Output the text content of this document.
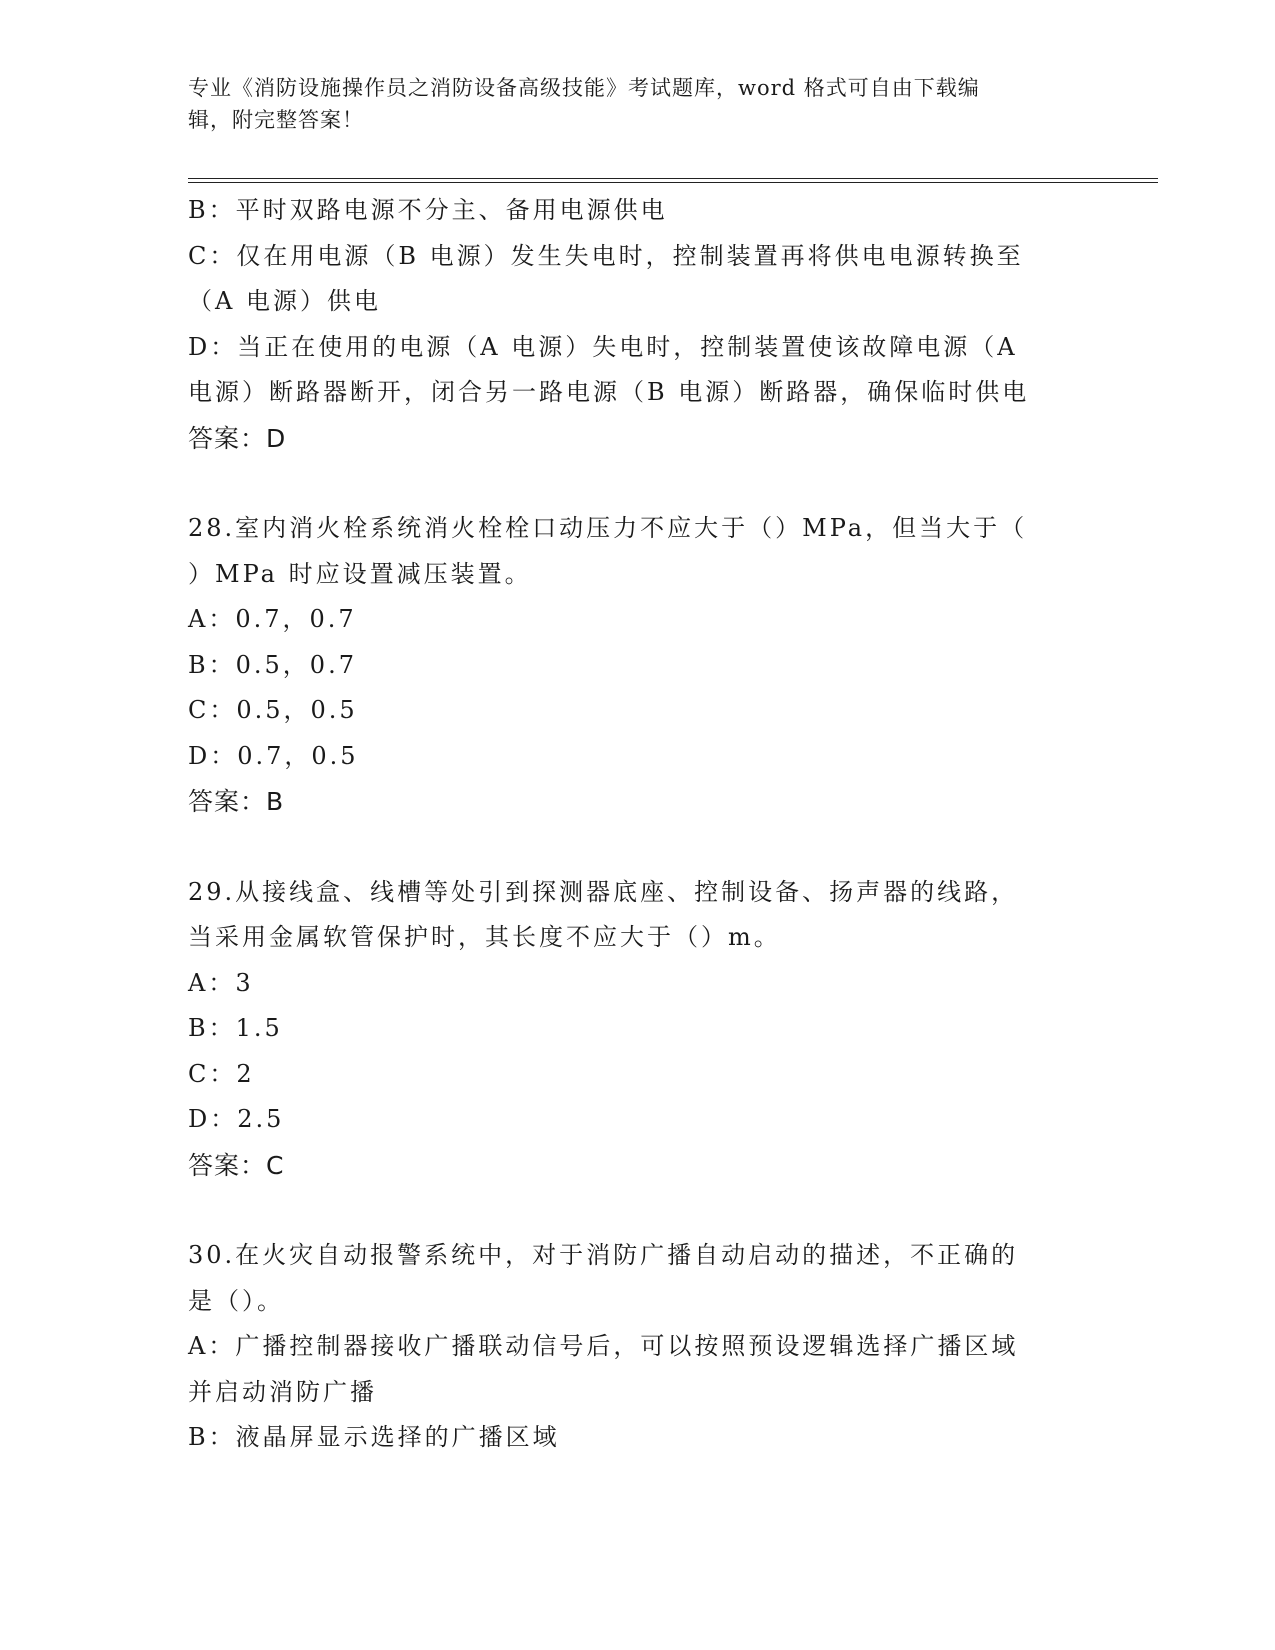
专业《消防设施操作员之消防设备高级技能》考试题库，word 格式可自由下载编
辑，附完整答案！
B：平时双路电源不分主、备用电源供电
C：仅在用电源（B 电源）发生失电时，控制装置再将供电电源转换至
（A 电源）供电
D：当正在使用的电源（A 电源）失电时，控制装置使该故障电源（A
电源）断路器断开，闭合另一路电源（B 电源）断路器，确保临时供电
答案：D
28.室内消火栓系统消火栓栓口动压力不应大于（）MPa，但当大于（
）MPa 时应设置减压装置。
A：0.7，0.7
B：0.5，0.7
C：0.5，0.5
D：0.7，0.5
答案：B
29.从接线盒、线槽等处引到探测器底座、控制设备、扬声器的线路，
当采用金属软管保护时，其长度不应大于（）m。
A：3
B：1.5
C：2
D：2.5
答案：C
30.在火灾自动报警系统中，对于消防广播自动启动的描述，不正确的
是（）。
A：广播控制器接收广播联动信号后，可以按照预设逻辑选择广播区域
并启动消防广播
B：液晶屏显示选择的广播区域
